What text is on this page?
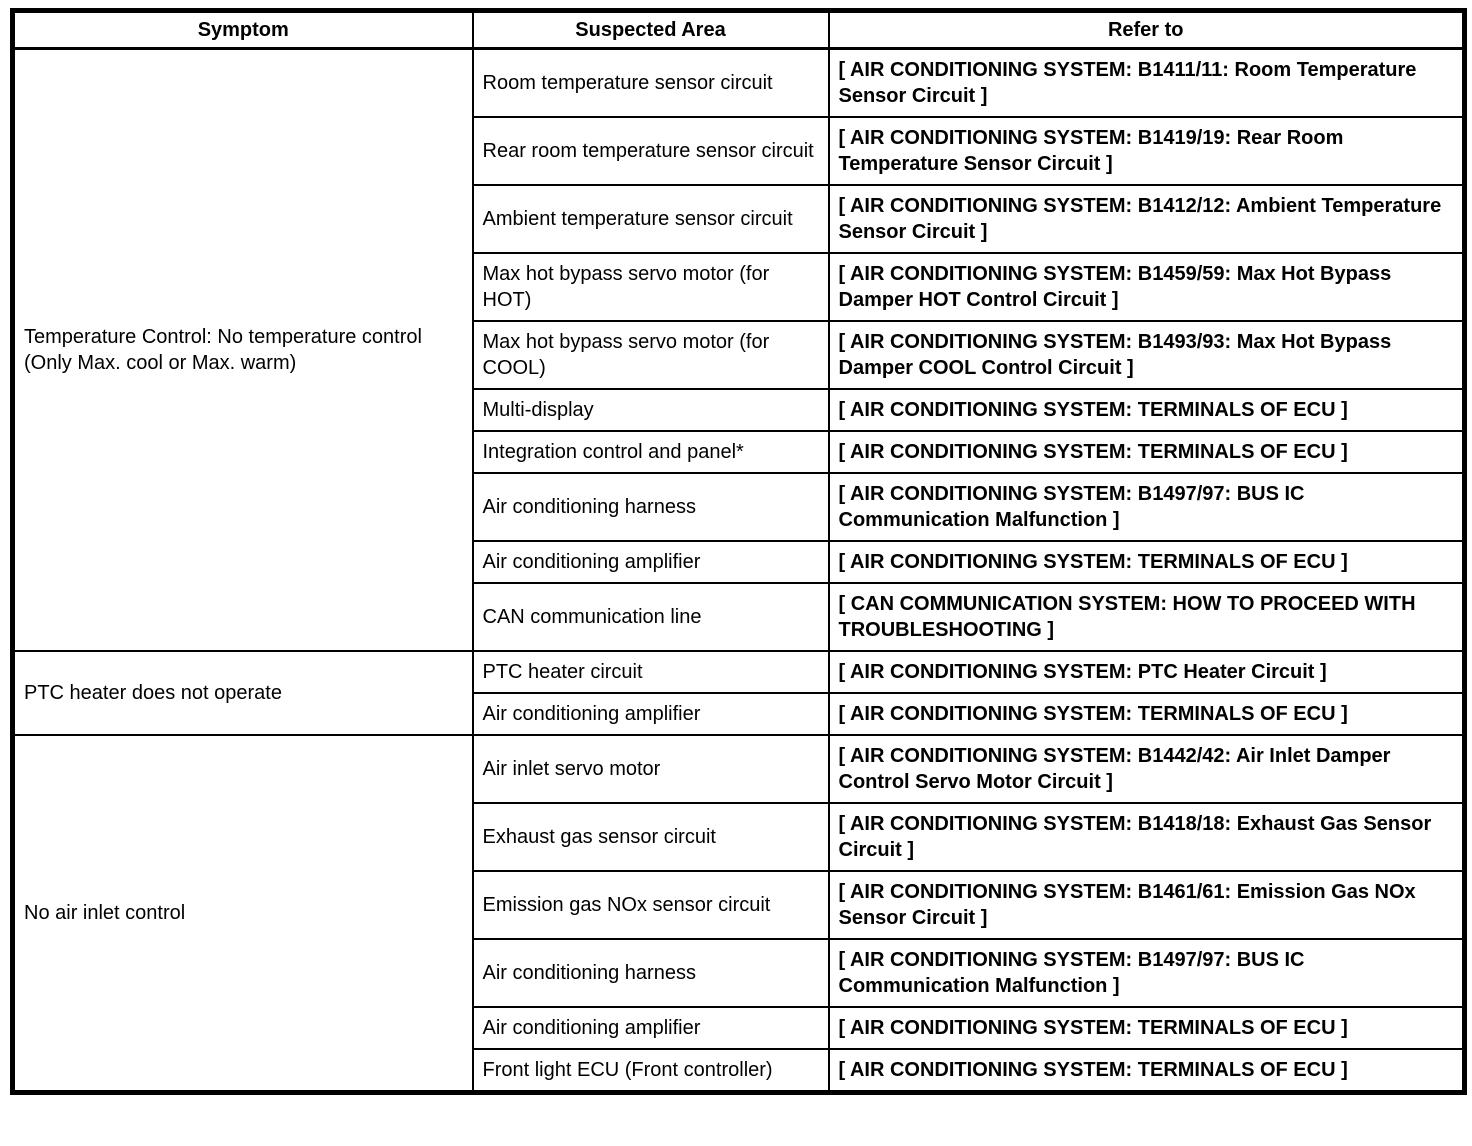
Symptom	Suspected Area	Refer to
Temperature Control: No temperature control (Only Max. cool or Max. warm)	Room temperature sensor circuit	[ AIR CONDITIONING SYSTEM: B1411/11: Room Temperature Sensor Circuit ]
	Rear room temperature sensor circuit	[ AIR CONDITIONING SYSTEM: B1419/19: Rear Room Temperature Sensor Circuit ]
	Ambient temperature sensor circuit	[ AIR CONDITIONING SYSTEM: B1412/12: Ambient Temperature Sensor Circuit ]
	Max hot bypass servo motor (for HOT)	[ AIR CONDITIONING SYSTEM: B1459/59: Max Hot Bypass Damper HOT Control Circuit ]
	Max hot bypass servo motor (for COOL)	[ AIR CONDITIONING SYSTEM: B1493/93: Max Hot Bypass Damper COOL Control Circuit ]
	Multi-display	[ AIR CONDITIONING SYSTEM: TERMINALS OF ECU ]
	Integration control and panel*	[ AIR CONDITIONING SYSTEM: TERMINALS OF ECU ]
	Air conditioning harness	[ AIR CONDITIONING SYSTEM: B1497/97: BUS IC Communication Malfunction ]
	Air conditioning amplifier	[ AIR CONDITIONING SYSTEM: TERMINALS OF ECU ]
	CAN communication line	[ CAN COMMUNICATION SYSTEM: HOW TO PROCEED WITH TROUBLESHOOTING ]
PTC heater does not operate	PTC heater circuit	[ AIR CONDITIONING SYSTEM: PTC Heater Circuit ]
	Air conditioning amplifier	[ AIR CONDITIONING SYSTEM: TERMINALS OF ECU ]
No air inlet control	Air inlet servo motor	[ AIR CONDITIONING SYSTEM: B1442/42: Air Inlet Damper Control Servo Motor Circuit ]
	Exhaust gas sensor circuit	[ AIR CONDITIONING SYSTEM: B1418/18: Exhaust Gas Sensor Circuit ]
	Emission gas NOx sensor circuit	[ AIR CONDITIONING SYSTEM: B1461/61: Emission Gas NOx Sensor Circuit ]
	Air conditioning harness	[ AIR CONDITIONING SYSTEM: B1497/97: BUS IC Communication Malfunction ]
	Air conditioning amplifier	[ AIR CONDITIONING SYSTEM: TERMINALS OF ECU ]
	Front light ECU (Front controller)	[ AIR CONDITIONING SYSTEM: TERMINALS OF ECU ]
